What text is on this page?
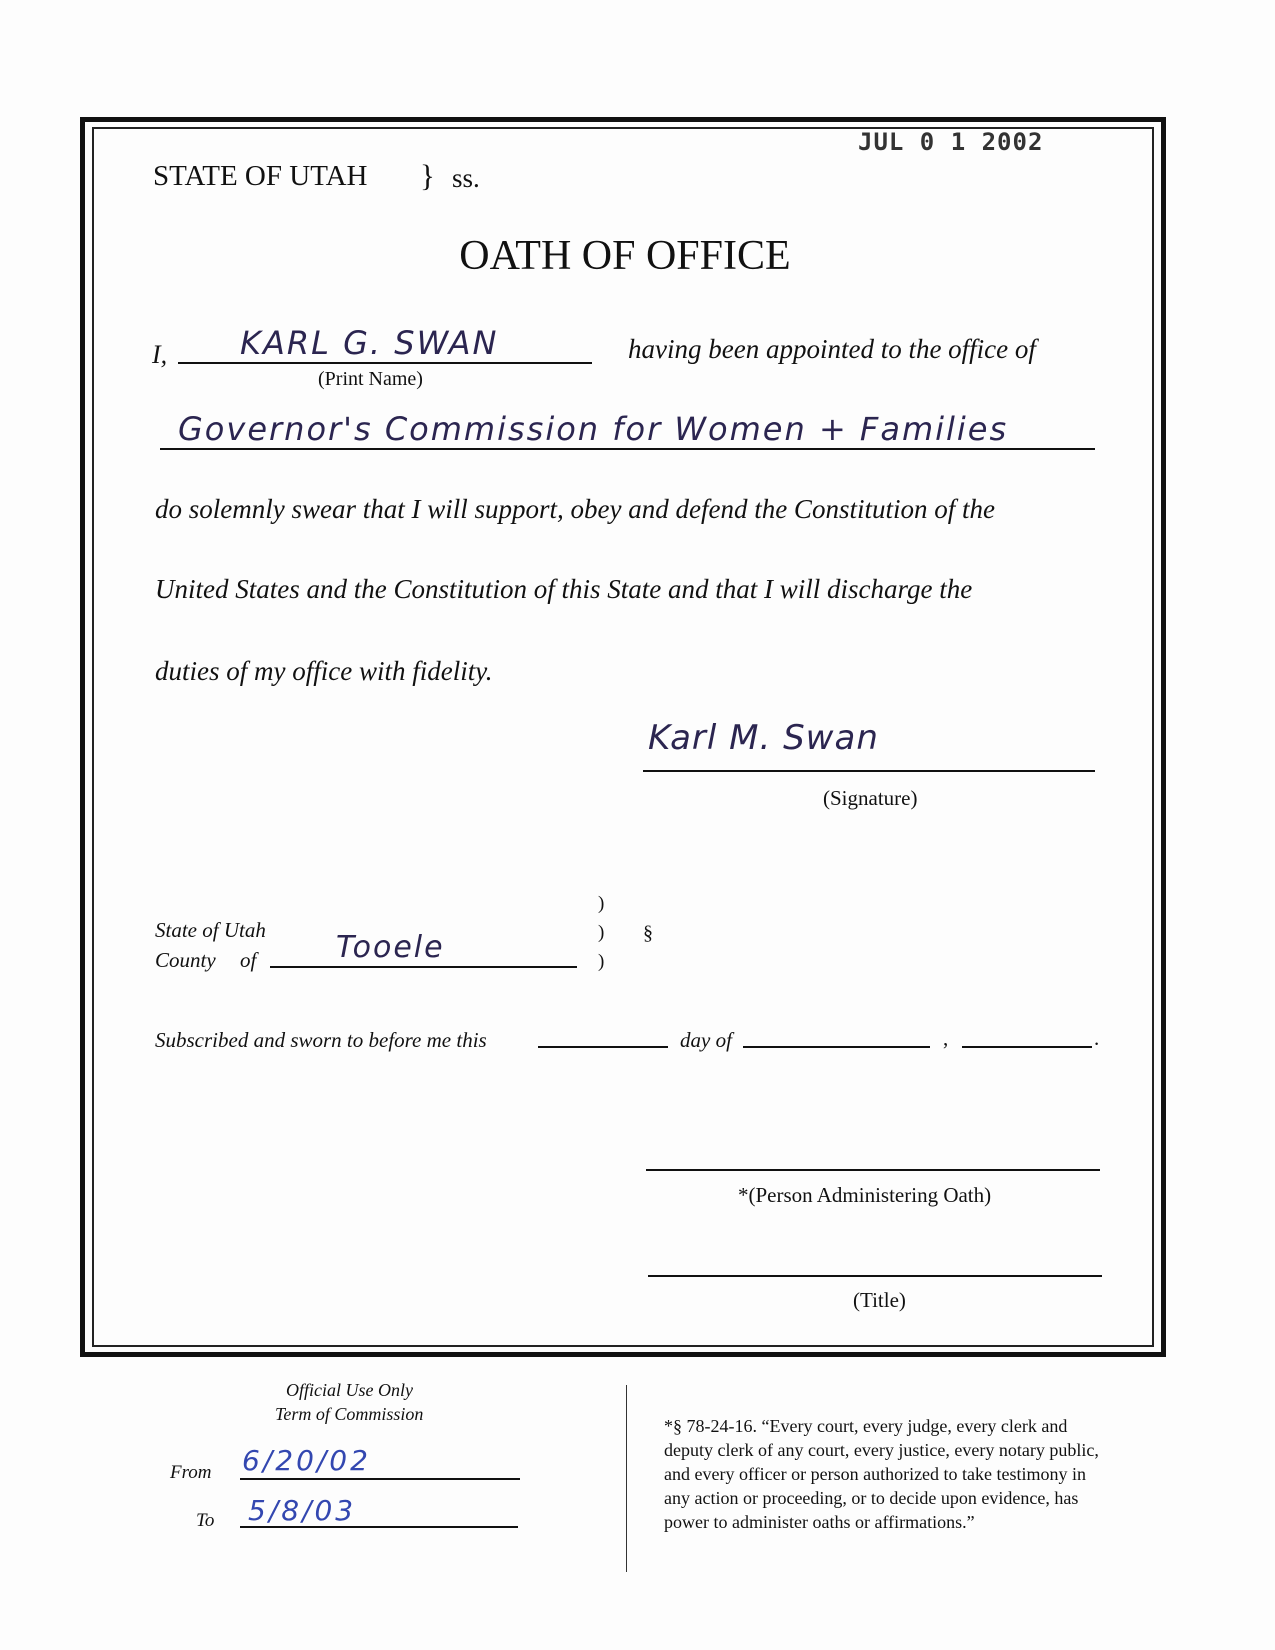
JUL 0 1 2002
STATE OF UTAH } ss.
OATH OF OFFICE
I, KARL G. SWAN	having been appointed to the office of
(Print Name)
Governor's Commission for Women + Families
do solemnly swear that I will support, obey and defend the Constitution of the
United States and the Constitution of this State and that I will discharge the
duties of my office with fidelity.
Karl M. Swan
(Signature)
State of Utah
County of	Tooele
)
)
)
§
Subscribed and sworn to before me this	day of	,	.
*(Person Administering Oath)
(Title)
Official Use Only
Term of Commission
From 6/20/02
To 5/8/03
*§ 78-24-16. “Every court, every judge, every clerk and
deputy clerk of any court, every justice, every notary public,
and every officer or person authorized to take testimony in
any action or proceeding, or to decide upon evidence, has
power to administer oaths or affirmations.”
